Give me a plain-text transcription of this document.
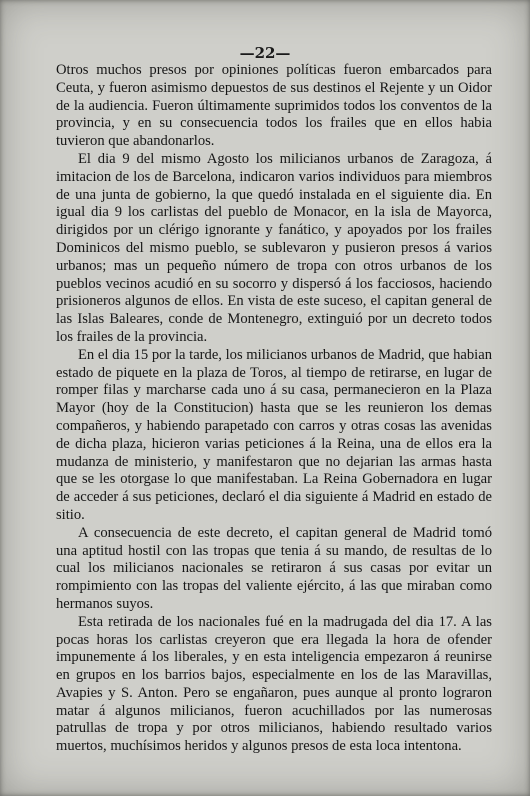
—22—

Otros muchos presos por opiniones políticas fueron embarcados para Ceuta, y fueron asimismo depuestos de sus destinos el Rejente y un Oidor de la audiencia. Fueron últimamente suprimidos todos los conventos de la provincia, y en su consecuencia todos los frailes que en ellos habia tuvieron que abandonarlos.

El dia 9 del mismo Agosto los milicianos urbanos de Zaragoza, á imitacion de los de Barcelona, indicaron varios individuos para miembros de una junta de gobierno, la que quedó instalada en el siguiente dia. En igual dia 9 los carlistas del pueblo de Monacor, en la isla de Mayorca, dirigidos por un clérigo ignorante y fanático, y apoyados por los frailes Dominicos del mismo pueblo, se sublevaron y pusieron presos á varios urbanos; mas un pequeño número de tropa con otros urbanos de los pueblos vecinos acudió en su socorro y dispersó á los facciosos, haciendo prisioneros algunos de ellos. En vista de este suceso, el capitan general de las Islas Baleares, conde de Montenegro, extinguió por un decreto todos los frailes de la provincia.

En el dia 15 por la tarde, los milicianos urbanos de Madrid, que habian estado de piquete en la plaza de Toros, al tiempo de retirarse, en lugar de romper filas y marcharse cada uno á su casa, permanecieron en la Plaza Mayor (hoy de la Constitucion) hasta que se les reunieron los demas compañeros, y habiendo parapetado con carros y otras cosas las avenidas de dicha plaza, hicieron varias peticiones á la Reina, una de ellos era la mudanza de ministerio, y manifestaron que no dejarian las armas hasta que se les otorgase lo que manifestaban. La Reina Gobernadora en lugar de acceder á sus peticiones, declaró el dia siguiente á Madrid en estado de sitio.

A consecuencia de este decreto, el capitan general de Madrid tomó una aptitud hostil con las tropas que tenia á su mando, de resultas de lo cual los milicianos nacionales se retiraron á sus casas por evitar un rompimiento con las tropas del valiente ejército, á las que miraban como hermanos suyos.

Esta retirada de los nacionales fué en la madrugada del dia 17. A las pocas horas los carlistas creyeron que era llegada la hora de ofender impunemente á los liberales, y en esta inteligencia empezaron á reunirse en grupos en los barrios bajos, especialmente en los de las Maravillas, Avapies y S. Anton. Pero se engañaron, pues aunque al pronto lograron matar á algunos milicianos, fueron acuchillados por las numerosas patrullas de tropa y por otros milicianos, habiendo resultado varios muertos, muchísimos heridos y algunos presos de esta loca intentona.
